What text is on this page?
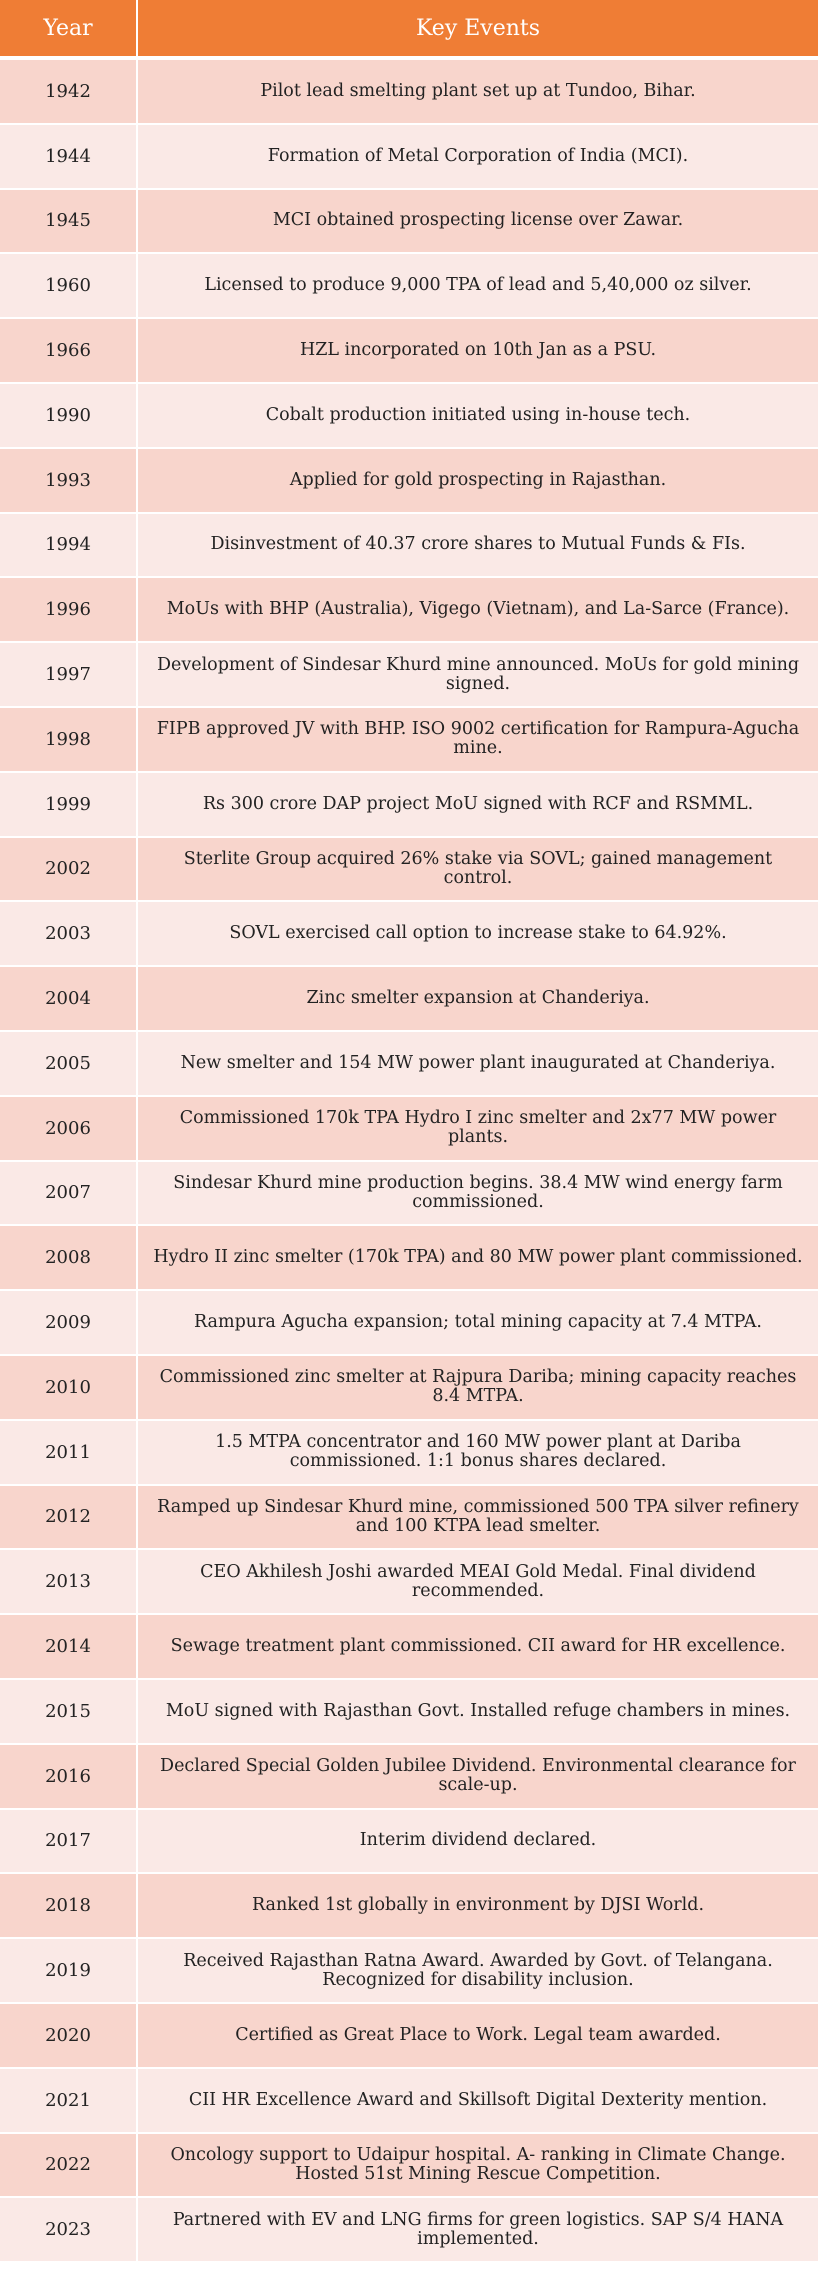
Year	Key Events
1942	Pilot lead smelting plant set up at Tundoo, Bihar.
1944	Formation of Metal Corporation of India (MCI).
1945	MCI obtained prospecting license over Zawar.
1960	Licensed to produce 9,000 TPA of lead and 5,40,000 oz silver.
1966	HZL incorporated on 10th Jan as a PSU.
1990	Cobalt production initiated using in-house tech.
1993	Applied for gold prospecting in Rajasthan.
1994	Disinvestment of 40.37 crore shares to Mutual Funds & FIs.
1996	MoUs with BHP (Australia), Vigego (Vietnam), and La-Sarce (France).
1997	Development of Sindesar Khurd mine announced. MoUs for gold mining signed.
1998	FIPB approved JV with BHP. ISO 9002 certification for Rampura-Agucha mine.
1999	Rs 300 crore DAP project MoU signed with RCF and RSMML.
2002	Sterlite Group acquired 26% stake via SOVL; gained management control.
2003	SOVL exercised call option to increase stake to 64.92%.
2004	Zinc smelter expansion at Chanderiya.
2005	New smelter and 154 MW power plant inaugurated at Chanderiya.
2006	Commissioned 170k TPA Hydro I zinc smelter and 2x77 MW power plants.
2007	Sindesar Khurd mine production begins. 38.4 MW wind energy farm commissioned.
2008	Hydro II zinc smelter (170k TPA) and 80 MW power plant commissioned.
2009	Rampura Agucha expansion; total mining capacity at 7.4 MTPA.
2010	Commissioned zinc smelter at Rajpura Dariba; mining capacity reaches 8.4 MTPA.
2011	1.5 MTPA concentrator and 160 MW power plant at Dariba commissioned. 1:1 bonus shares declared.
2012	Ramped up Sindesar Khurd mine, commissioned 500 TPA silver refinery and 100 KTPA lead smelter.
2013	CEO Akhilesh Joshi awarded MEAI Gold Medal. Final dividend recommended.
2014	Sewage treatment plant commissioned. CII award for HR excellence.
2015	MoU signed with Rajasthan Govt. Installed refuge chambers in mines.
2016	Declared Special Golden Jubilee Dividend. Environmental clearance for scale-up.
2017	Interim dividend declared.
2018	Ranked 1st globally in environment by DJSI World.
2019	Received Rajasthan Ratna Award. Awarded by Govt. of Telangana. Recognized for disability inclusion.
2020	Certified as Great Place to Work. Legal team awarded.
2021	CII HR Excellence Award and Skillsoft Digital Dexterity mention.
2022	Oncology support to Udaipur hospital. A- ranking in Climate Change. Hosted 51st Mining Rescue Competition.
2023	Partnered with EV and LNG firms for green logistics. SAP S/4 HANA implemented.
